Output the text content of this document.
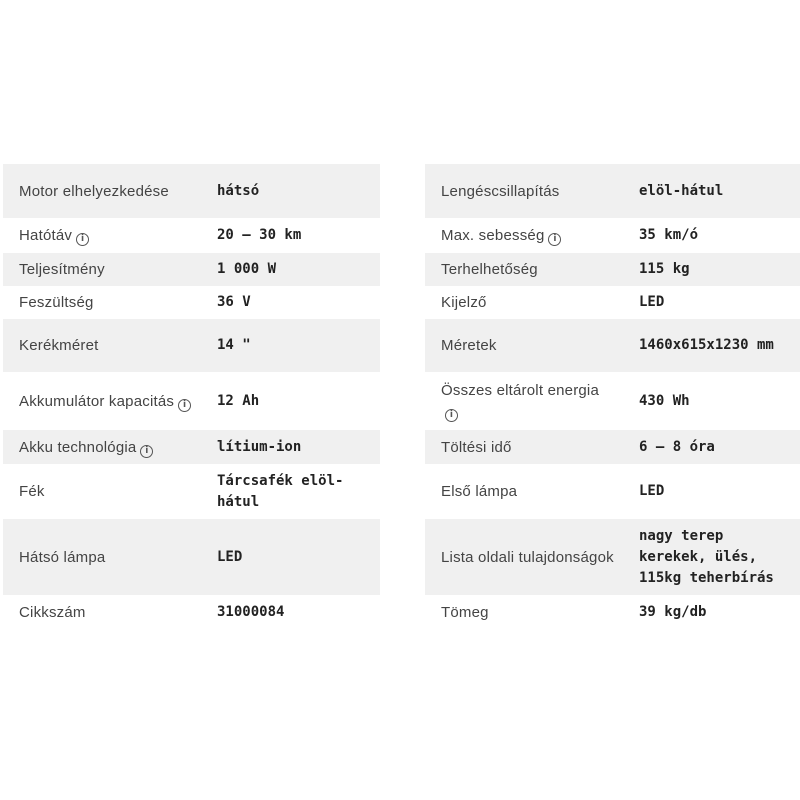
Motor elhelyezkedése	hátsó
Hatótáv i	20 – 30 km
Teljesítmény	1 000 W
Feszültség	36 V
Kerékméret	14 "
Akkumulátor kapacitás i	12 Ah
Akku technológia i	lítium-ion
Fék	Tárcsafék elöl-hátul
Hátsó lámpa	LED
Cikkszám	31000084
Lengéscsillapítás	elöl-hátul
Max. sebesség i	35 km/ó
Terhelhetőség	115 kg
Kijelző	LED
Méretek	1460x615x1230 mm
Összes eltárolt energiai	430 Wh
Töltési idő	6 – 8 óra
Első lámpa	LED
Lista oldali tulajdonságok	nagy terep kerekek, ülés, 115kg teherbírás
Tömeg	39 kg/db
